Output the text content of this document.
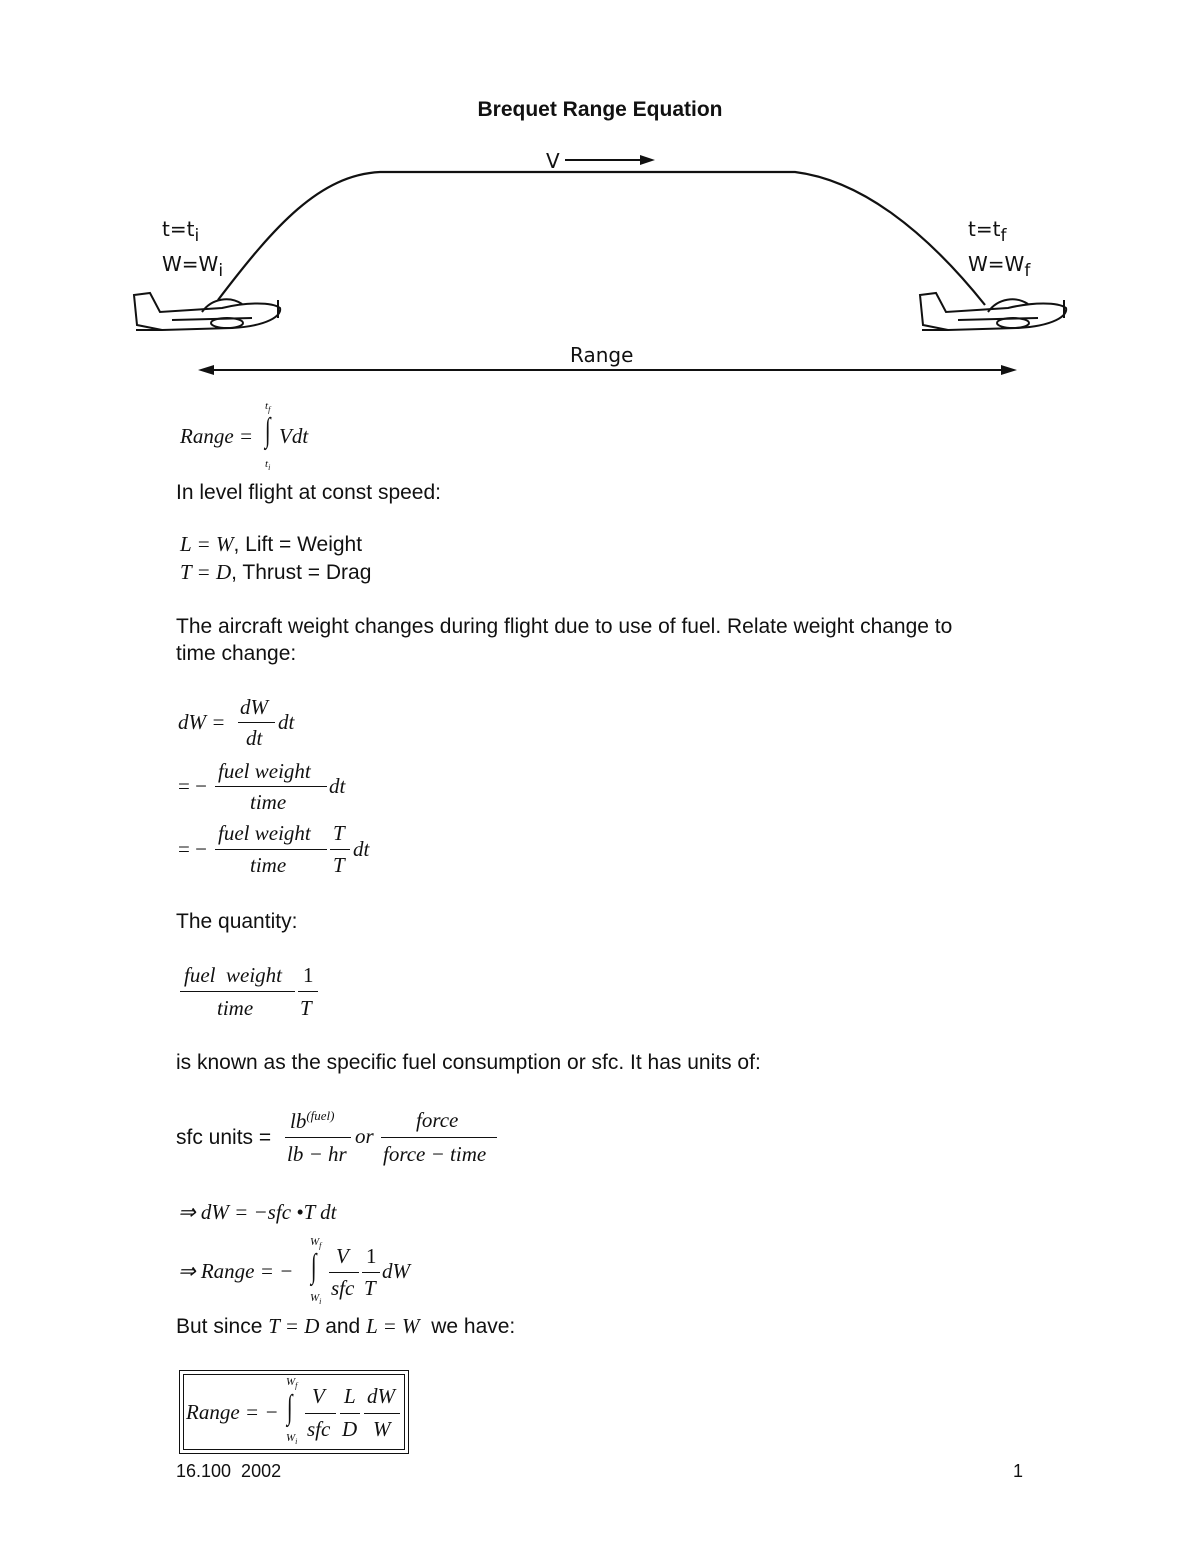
Brequet Range Equation
V
$t=t_i$
$W=W_i$
$t=t_f$
$W=W_f$
Range
Range = ∫
$t_f$
$t_i$
Vdt
In level flight at const speed:
L = W, Lift = Weight
T = D, Thrust = Drag
The aircraft weight changes during flight due to use of fuel. Relate weight change to time change:
dW =
dW
dt
dt
= −
fuel weight
time
dt
= −
fuel weight
time
T
T
dt
The quantity:
fuel  weight
time
1
T
is known as the specific fuel consumption or sfc. It has units of:
sfc units =
$lb^{(fuel)}$
lb − hr
or
force
force − time
⇒ dW = −sfc •T dt
⇒ Range = − ∫
$W_f$
$W_i$
V
sfc
1
T
dW
But since T = D and L = W  we have:
Range = − ∫
$W_f$
$W_i$
V
sfc
L
D
dW
W
16.100  2002	1
